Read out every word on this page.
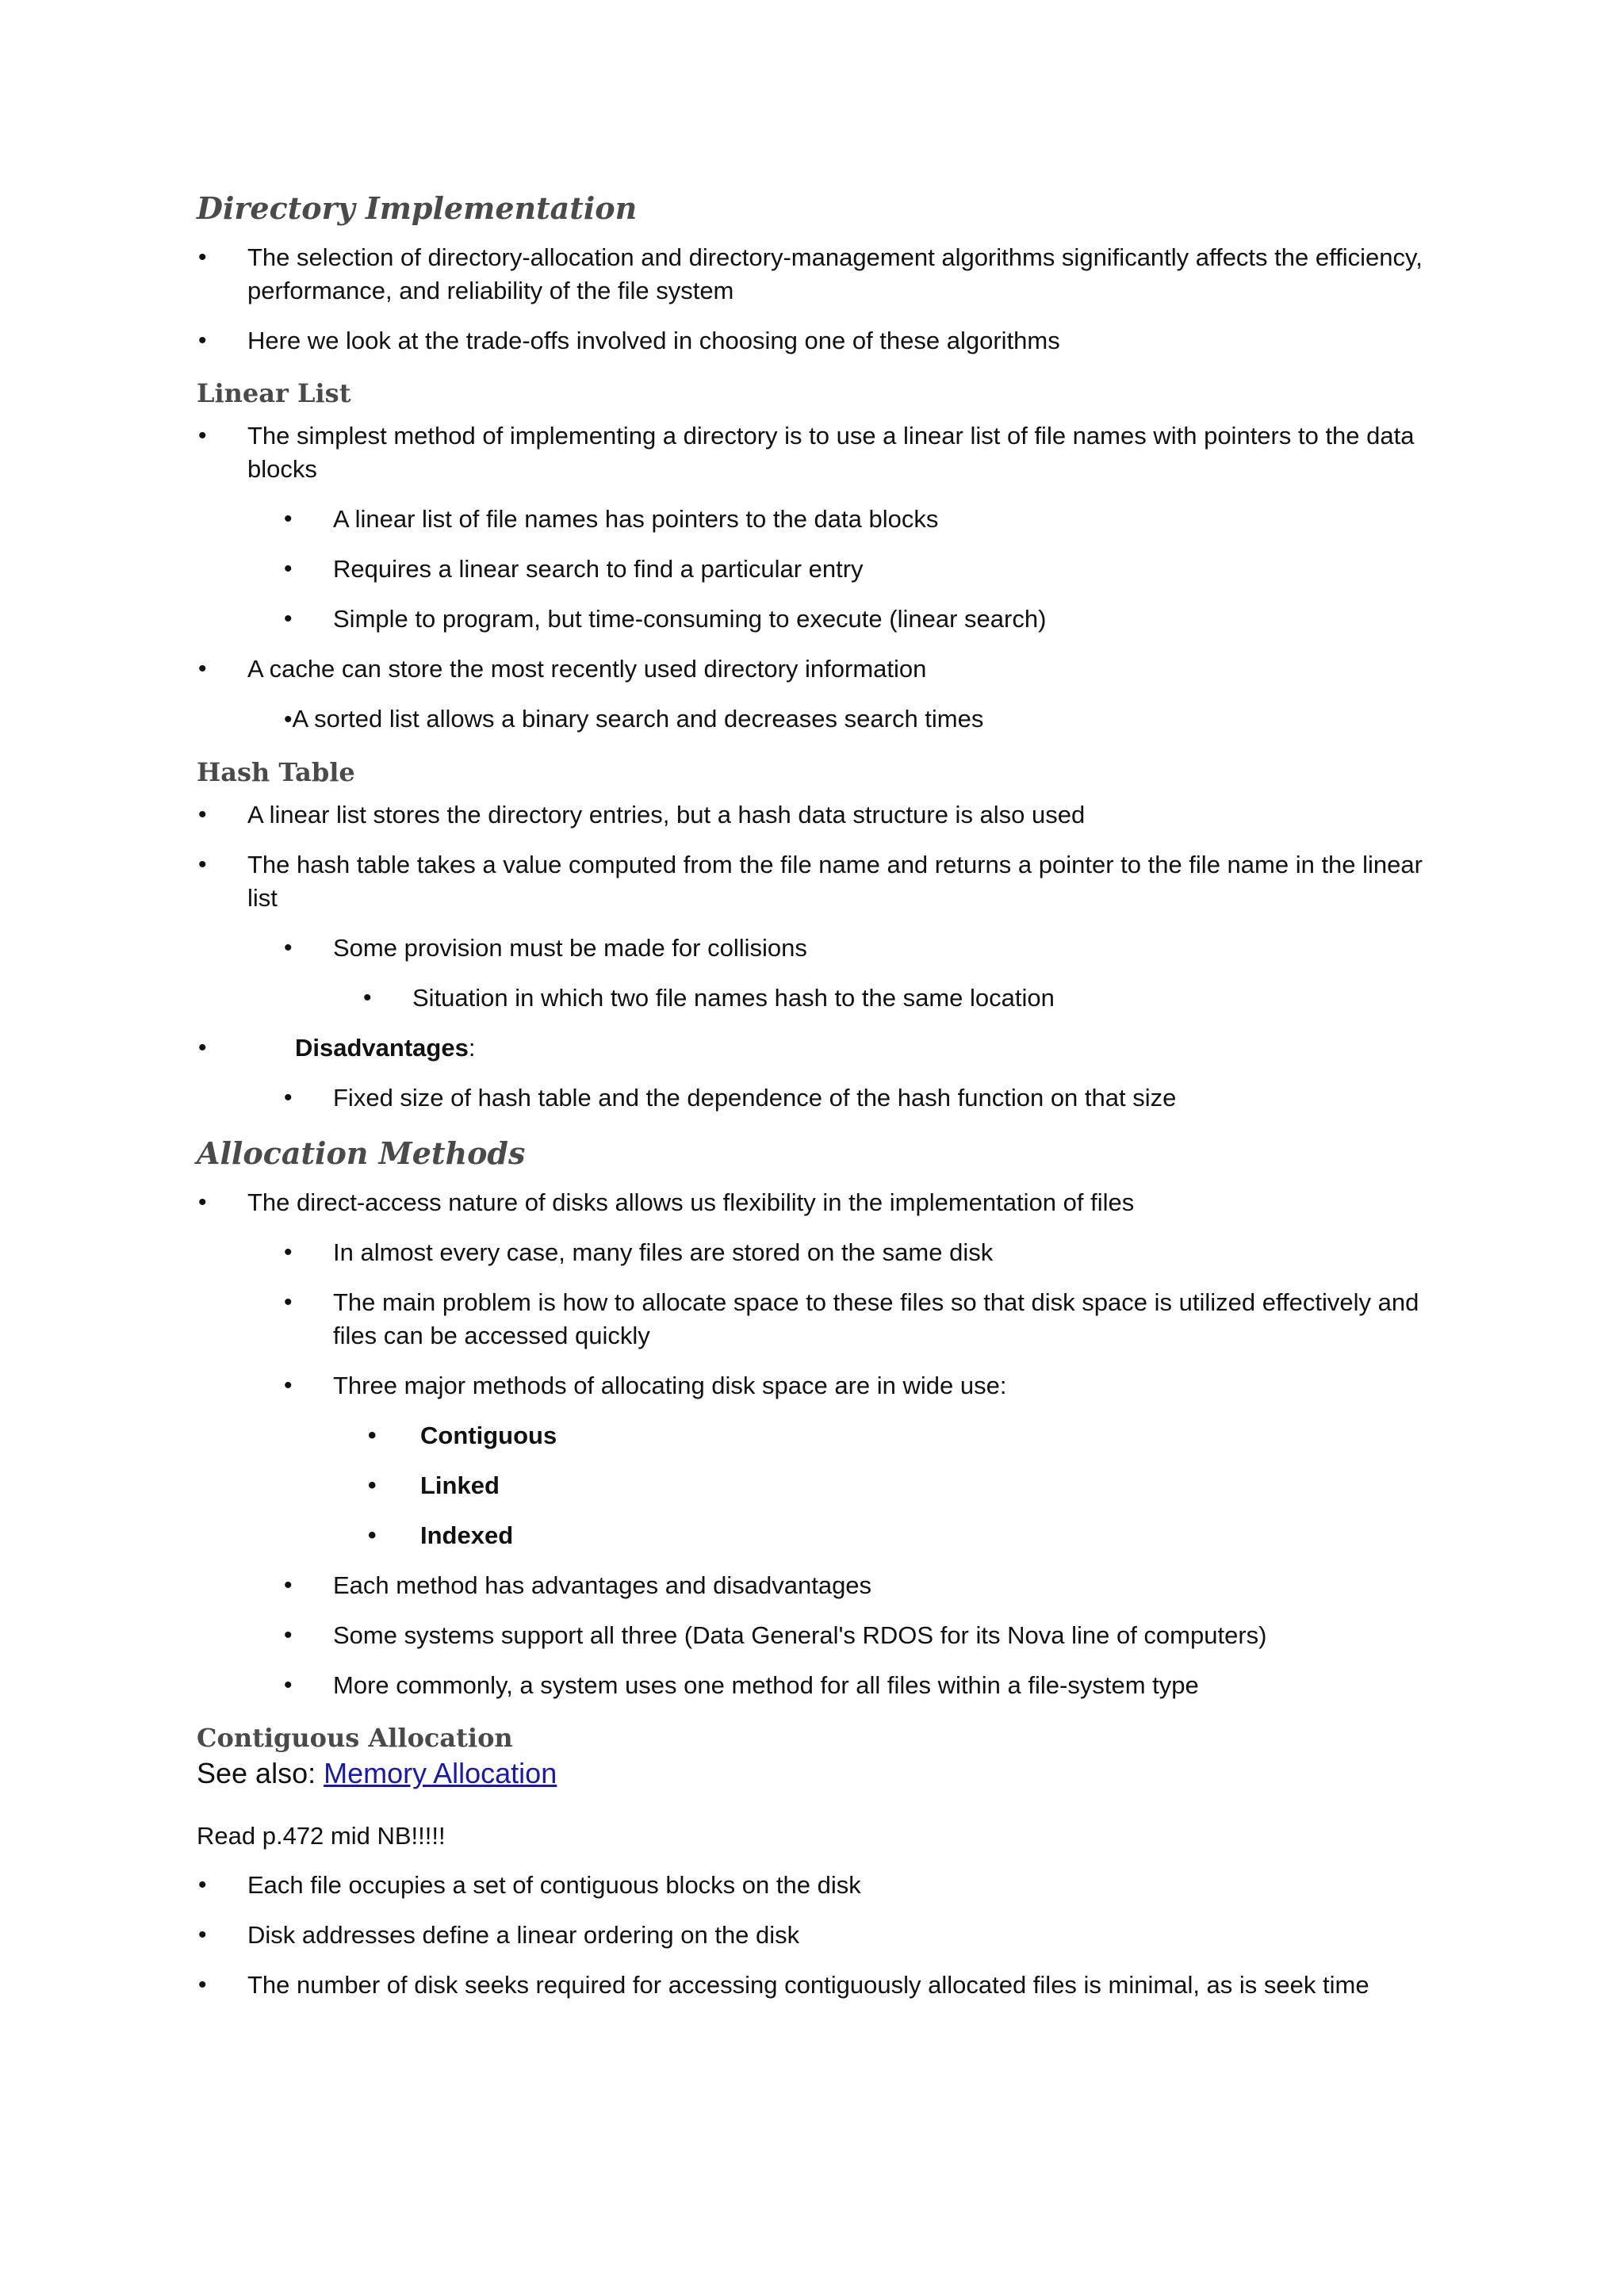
Directory Implementation
• The selection of directory-allocation and directory-management algorithms significantly affects the efficiency, performance, and reliability of the file system
• Here we look at the trade-offs involved in choosing one of these algorithms
Linear List
• The simplest method of implementing a directory is to use a linear list of file names with pointers to the data blocks
• A linear list of file names has pointers to the data blocks
• Requires a linear search to find a particular entry
• Simple to program, but time-consuming to execute (linear search)
• A cache can store the most recently used directory information
•A sorted list allows a binary search and decreases search times
Hash Table
• A linear list stores the directory entries, but a hash data structure is also used
• The hash table takes a value computed from the file name and returns a pointer to the file name in the linear list
• Some provision must be made for collisions
• Situation in which two file names hash to the same location
•	Disadvantages:
• Fixed size of hash table and the dependence of the hash function on that size
Allocation Methods
• The direct-access nature of disks allows us flexibility in the implementation of files
• In almost every case, many files are stored on the same disk
• The main problem is how to allocate space to these files so that disk space is utilized effectively and files can be accessed quickly
• Three major methods of allocating disk space are in wide use:
• Contiguous
• Linked
• Indexed
• Each method has advantages and disadvantages
• Some systems support all three (Data General's RDOS for its Nova line of computers)
• More commonly, a system uses one method for all files within a file-system type
Contiguous Allocation

See also: Memory Allocation

Read p.472 mid NB!!!!!

• Each file occupies a set of contiguous blocks on the disk
• Disk addresses define a linear ordering on the disk
• The number of disk seeks required for accessing contiguously allocated files is minimal, as is seek time
